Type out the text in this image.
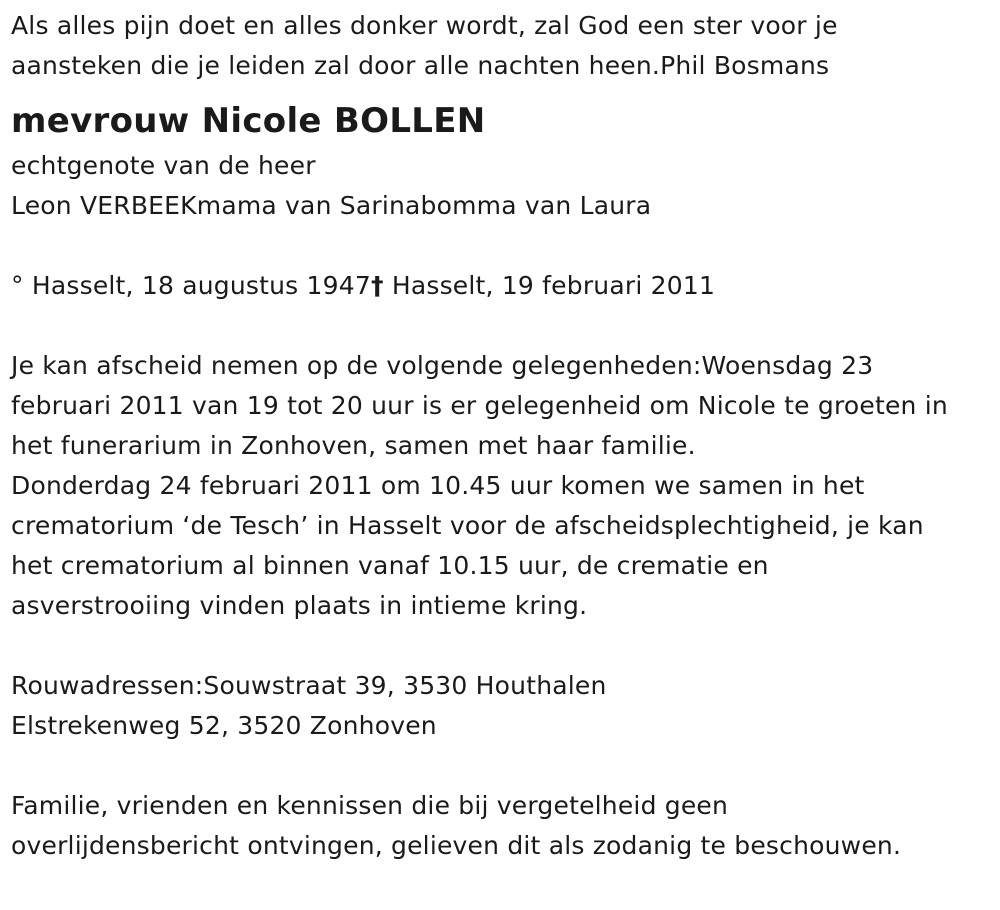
Als alles pijn doet en alles donker wordt, zal God een ster voor je
aansteken die je leiden zal door alle nachten heen.Phil Bosmans
mevrouw Nicole BOLLEN
echtgenote van de heer
Leon VERBEEKmama van Sarinabomma van Laura
° Hasselt, 18 augustus 1947† Hasselt, 19 februari 2011
Je kan afscheid nemen op de volgende gelegenheden:Woensdag 23
februari 2011 van 19 tot 20 uur is er gelegenheid om Nicole te groeten in
het funerarium in Zonhoven, samen met haar familie.
Donderdag 24 februari 2011 om 10.45 uur komen we samen in het
crematorium ‘de Tesch’ in Hasselt voor de afscheidsplechtigheid, je kan
het crematorium al binnen vanaf 10.15 uur, de crematie en
asverstrooiing vinden plaats in intieme kring.
Rouwadressen:Souwstraat 39, 3530 Houthalen
Elstrekenweg 52, 3520 Zonhoven
Familie, vrienden en kennissen die bij vergetelheid geen
overlijdensbericht ontvingen, gelieven dit als zodanig te beschouwen.
